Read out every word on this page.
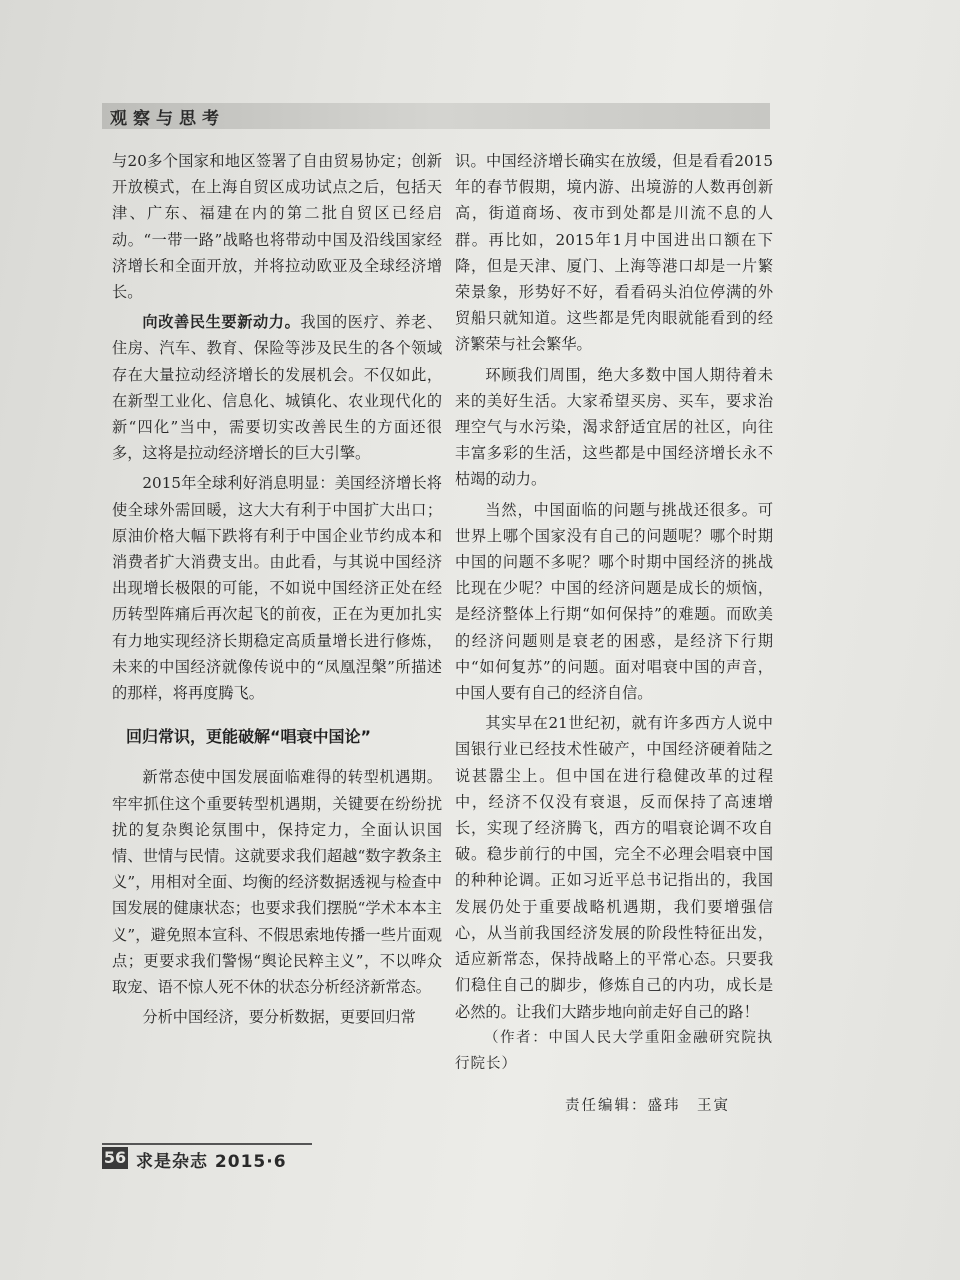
观察与思考

与20多个国家和地区签署了自由贸易协定；创新开放模式，在上海自贸区成功试点之后，包括天津、广东、福建在内的第二批自贸区已经启动。“一带一路”战略也将带动中国及沿线国家经济增长和全面开放，并将拉动欧亚及全球经济增长。

向改善民生要新动力。我国的医疗、养老、住房、汽车、教育、保险等涉及民生的各个领域存在大量拉动经济增长的发展机会。不仅如此，在新型工业化、信息化、城镇化、农业现代化的新“四化”当中，需要切实改善民生的方面还很多，这将是拉动经济增长的巨大引擎。

2015年全球利好消息明显：美国经济增长将使全球外需回暖，这大大有利于中国扩大出口；原油价格大幅下跌将有利于中国企业节约成本和消费者扩大消费支出。由此看，与其说中国经济出现增长极限的可能，不如说中国经济正处在经历转型阵痛后再次起飞的前夜，正在为更加扎实有力地实现经济长期稳定高质量增长进行修炼，未来的中国经济就像传说中的“凤凰涅槃”所描述的那样，将再度腾飞。

回归常识，更能破解“唱衰中国论”

新常态使中国发展面临难得的转型机遇期。牢牢抓住这个重要转型机遇期，关键要在纷纷扰扰的复杂舆论氛围中，保持定力，全面认识国情、世情与民情。这就要求我们超越“数字教条主义”，用相对全面、均衡的经济数据透视与检查中国发展的健康状态；也要求我们摆脱“学术本本主义”，避免照本宣科、不假思索地传播一些片面观点；更要求我们警惕“舆论民粹主义”，不以哗众取宠、语不惊人死不休的状态分析经济新常态。

分析中国经济，要分析数据，更要回归常

识。中国经济增长确实在放缓，但是看看2015年的春节假期，境内游、出境游的人数再创新高，街道商场、夜市到处都是川流不息的人群。再比如，2015年1月中国进出口额在下降，但是天津、厦门、上海等港口却是一片繁荣景象，形势好不好，看看码头泊位停满的外贸船只就知道。这些都是凭肉眼就能看到的经济繁荣与社会繁华。

环顾我们周围，绝大多数中国人期待着未来的美好生活。大家希望买房、买车，要求治理空气与水污染，渴求舒适宜居的社区，向往丰富多彩的生活，这些都是中国经济增长永不枯竭的动力。

当然，中国面临的问题与挑战还很多。可世界上哪个国家没有自己的问题呢？哪个时期中国的问题不多呢？哪个时期中国经济的挑战比现在少呢？中国的经济问题是成长的烦恼，是经济整体上行期“如何保持”的难题。而欧美的经济问题则是衰老的困惑，是经济下行期中“如何复苏”的问题。面对唱衰中国的声音，中国人要有自己的经济自信。

其实早在21世纪初，就有许多西方人说中国银行业已经技术性破产，中国经济硬着陆之说甚嚣尘上。但中国在进行稳健改革的过程中，经济不仅没有衰退，反而保持了高速增长，实现了经济腾飞，西方的唱衰论调不攻自破。稳步前行的中国，完全不必理会唱衰中国的种种论调。正如习近平总书记指出的，我国发展仍处于重要战略机遇期，我们要增强信心，从当前我国经济发展的阶段性特征出发，适应新常态，保持战略上的平常心态。只要我们稳住自己的脚步，修炼自己的内功，成长是必然的。让我们大踏步地向前走好自己的路！

（作者：中国人民大学重阳金融研究院执行院长）

责任编辑：盛玮　王寅
56 求是杂志 2015·6
